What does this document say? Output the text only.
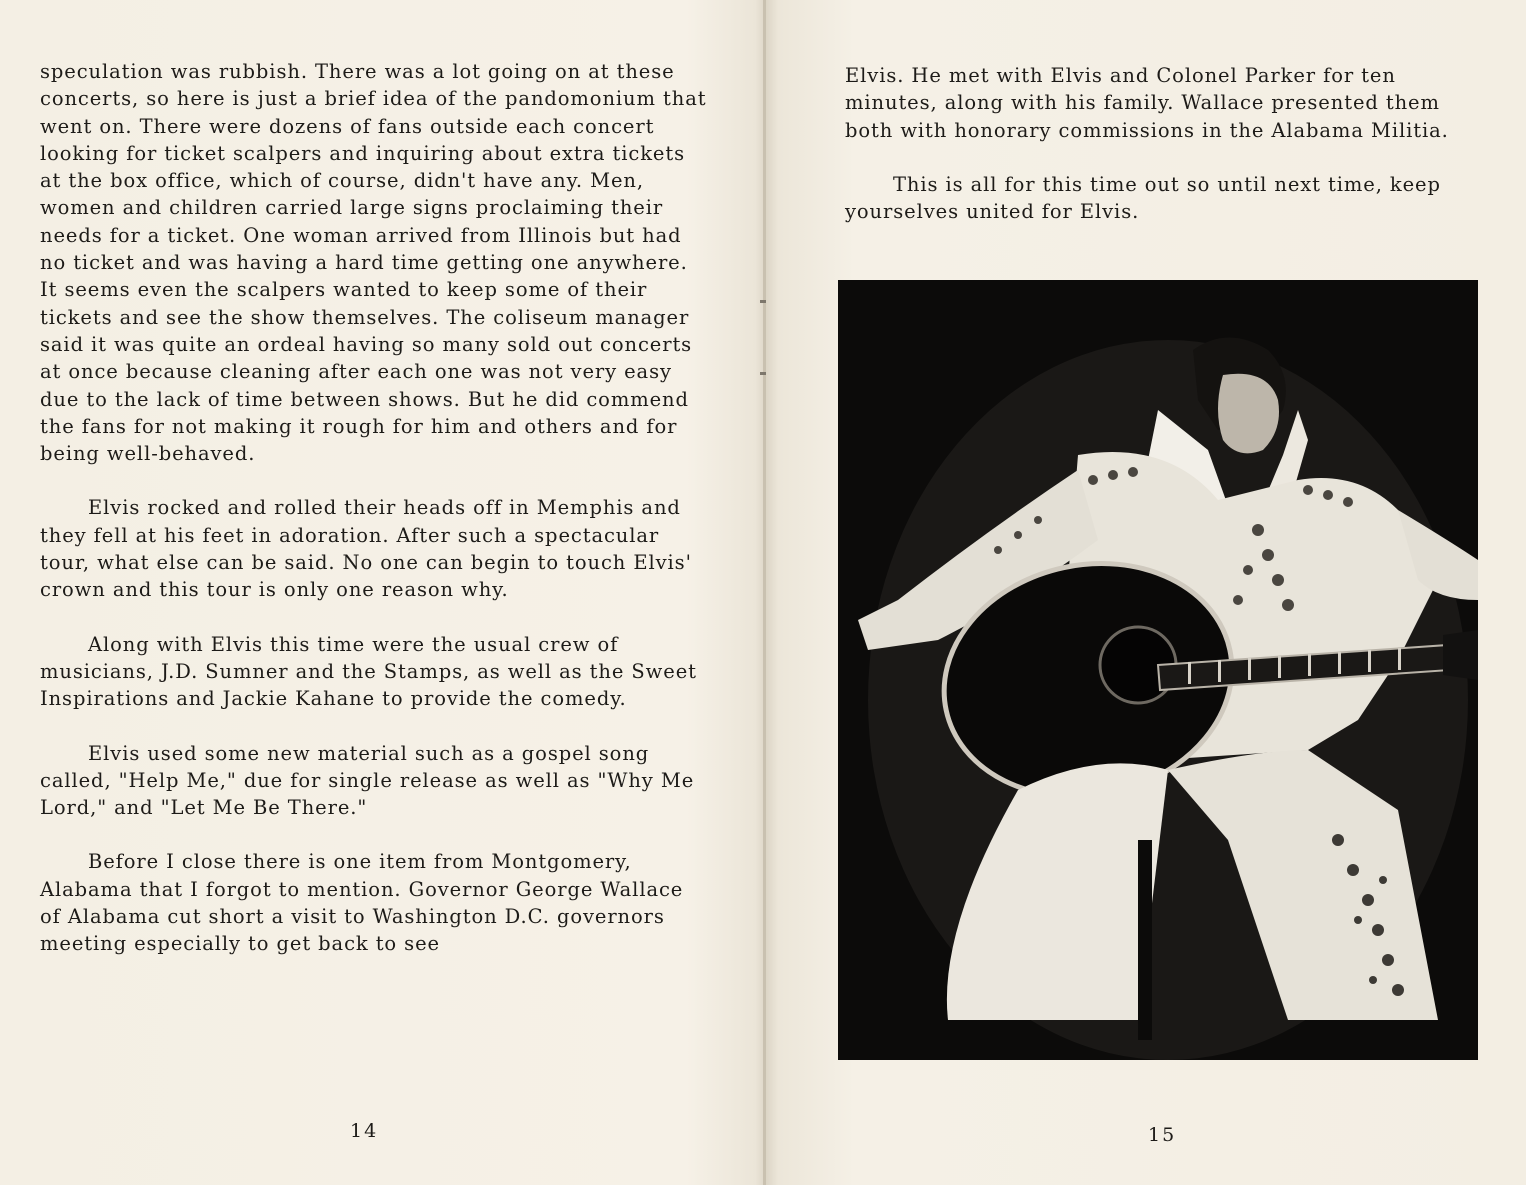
speculation was rubbish. There was a lot going on at these concerts, so here is just a brief idea of the pandomonium that went on. There were dozens of fans outside each concert looking for ticket scalpers and inquiring about extra tickets at the box office, which of course, didn't have any. Men, women and children carried large signs proclaiming their needs for a ticket. One woman arrived from Illinois but had no ticket and was having a hard time getting one anywhere. It seems even the scalpers wanted to keep some of their tickets and see the show themselves. The coliseum manager said it was quite an ordeal having so many sold out concerts at once because cleaning after each one was not very easy due to the lack of time between shows. But he did commend the fans for not making it rough for him and others and for being well-behaved.

Elvis rocked and rolled their heads off in Memphis and they fell at his feet in adoration. After such a spectacular tour, what else can be said. No one can begin to touch Elvis' crown and this tour is only one reason why.

Along with Elvis this time were the usual crew of musicians, J.D. Sumner and the Stamps, as well as the Sweet Inspirations and Jackie Kahane to provide the comedy.

Elvis used some new material such as a gospel song called, "Help Me," due for single release as well as "Why Me Lord," and "Let Me Be There."

Before I close there is one item from Montgomery, Alabama that I forgot to mention. Governor George Wallace of Alabama cut short a visit to Washington D.C. governors meeting especially to get back to see

14

Elvis. He met with Elvis and Colonel Parker for ten minutes, along with his family. Wallace presented them both with honorary commissions in the Alabama Militia.

This is all for this time out so until next time, keep yourselves united for Elvis.

15
